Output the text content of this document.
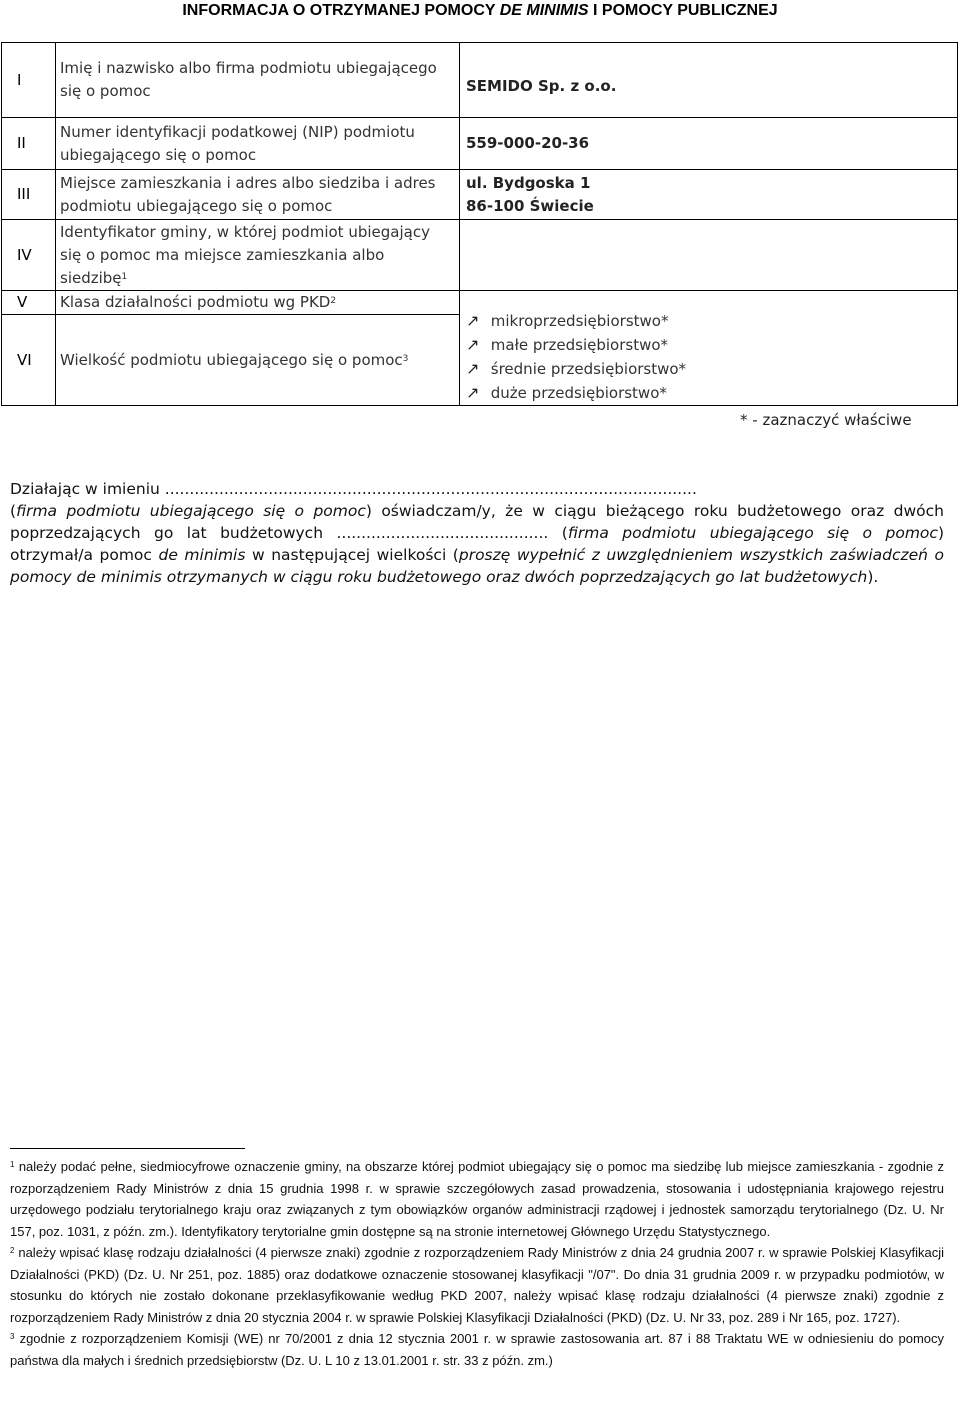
INFORMACJA O OTRZYMANEJ POMOCY DE MINIMIS I POMOCY PUBLICZNEJ
I	Imię i nazwisko albo firma podmiotu ubiegającego się o pomoc	SEMIDO Sp. z o.o.
II	Numer identyfikacji podatkowej (NIP) podmiotu ubiegającego się o pomoc	559-000-20-36
III	Miejsce zamieszkania i adres albo siedziba i adres podmiotu ubiegającego się o pomoc	ul. Bydgoska 1
86-100 Świecie

IV	Identyfikator gminy, w której podmiot ubiegający się o pomoc ma miejsce zamieszkania albo siedzibę$^1$	
V	Klasa działalności podmiotu wg PKD$^2$	↗ mikroprzedsiębiorstwo*
↗ małe przedsiębiorstwo*
↗ średnie przedsiębiorstwo*
↗ duże przedsiębiorstwo*

VI	Wielkość podmiotu ubiegającego się o pomoc$^3$
* - zaznaczyć właściwe
Działając w imieniu ............................................................................................................
(firma podmiotu ubiegającego się o pomoc) oświadczam/y, że w ciągu bieżącego roku budżetowego oraz dwóch poprzedzających go lat budżetowych ........................................... (firma podmiotu ubiegającego się o pomoc) otrzymał/a pomoc de minimis w następującej wielkości (proszę wypełnić z uwzględnieniem wszystkich zaświadczeń o pomocy de minimis otrzymanych w ciągu roku budżetowego oraz dwóch poprzedzających go lat budżetowych).

$^1$ należy podać pełne, siedmiocyfrowe oznaczenie gminy, na obszarze której podmiot ubiegający się o pomoc ma siedzibę lub miejsce zamieszkania - zgodnie z rozporządzeniem Rady Ministrów z dnia 15 grudnia 1998 r. w sprawie szczegółowych zasad prowadzenia, stosowania i udostępniania krajowego rejestru urzędowego podziału terytorialnego kraju oraz związanych z tym obowiązków organów administracji rządowej i jednostek samorządu terytorialnego (Dz. U. Nr 157, poz. 1031, z późn. zm.). Identyfikatory terytorialne gmin dostępne są na stronie internetowej Głównego Urzędu Statystycznego.

$^2$ należy wpisać klasę rodzaju działalności (4 pierwsze znaki) zgodnie z rozporządzeniem Rady Ministrów z dnia 24 grudnia 2007 r. w sprawie Polskiej Klasyfikacji Działalności (PKD) (Dz. U. Nr 251, poz. 1885) oraz dodatkowe oznaczenie stosowanej klasyfikacji "/07". Do dnia 31 grudnia 2009 r. w przypadku podmiotów, w stosunku do których nie zostało dokonane przeklasyfikowanie według PKD 2007, należy wpisać klasę rodzaju działalności (4 pierwsze znaki) zgodnie z rozporządzeniem Rady Ministrów z dnia 20 stycznia 2004 r. w sprawie Polskiej Klasyfikacji Działalności (PKD) (Dz. U. Nr 33, poz. 289 i Nr 165, poz. 1727).

$^3$ zgodnie z rozporządzeniem Komisji (WE) nr 70/2001 z dnia 12 stycznia 2001 r. w sprawie zastosowania art. 87 i 88 Traktatu WE w odniesieniu do pomocy państwa dla małych i średnich przedsiębiorstw (Dz. U. L 10 z 13.01.2001 r. str. 33 z późn. zm.)
